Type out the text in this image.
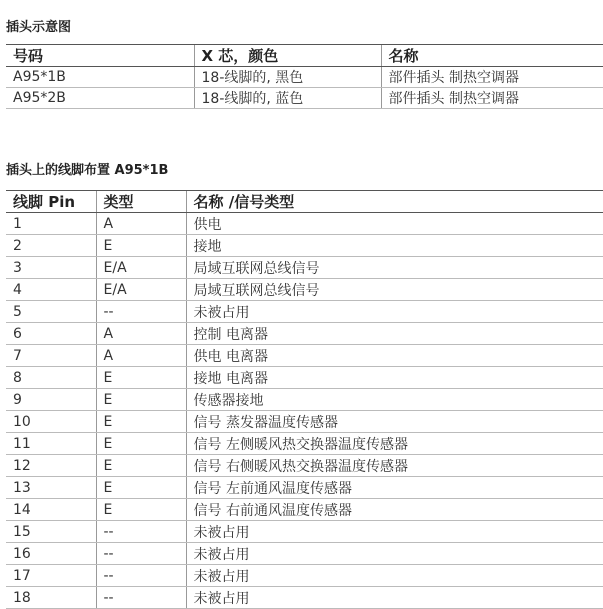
插头示意图
号码	X 芯，颜色	名称
A95*1B	18-线脚的, 黑色	部件插头 制热空调器
A95*2B	18-线脚的, 蓝色	部件插头 制热空调器
插头上的线脚布置 A95*1B
线脚 Pin	类型	名称 /信号类型
1	A	供电
2	E	接地
3	E/A	局域互联网总线信号
4	E/A	局域互联网总线信号
5	--	未被占用
6	A	控制 电离器
7	A	供电 电离器
8	E	接地 电离器
9	E	传感器接地
10	E	信号 蒸发器温度传感器
11	E	信号 左侧暖风热交换器温度传感器
12	E	信号 右侧暖风热交换器温度传感器
13	E	信号 左前通风温度传感器
14	E	信号 右前通风温度传感器
15	--	未被占用
16	--	未被占用
17	--	未被占用
18	--	未被占用
